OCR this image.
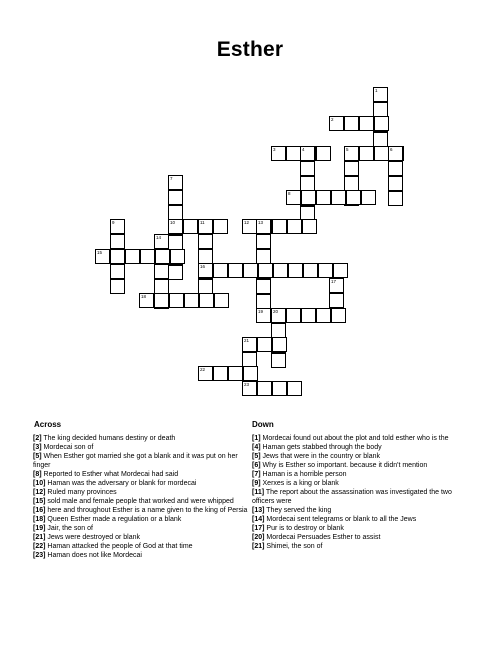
Esther
1
2
3	4	5	6
7
8
10	11	12
9	13
14
15
16
17
18
19 20
21
22
23
Across	Down
[2] The king decided humans destiny or death
[3] Mordecai son of
[5] When Esther got married she got a blank and it was put on her finger
[8] Reported to Esther what Mordecai had said
[10] Haman was the adversary or blank for mordecai
[12] Ruled many provinces
[15] sold male and female people that worked and were whipped
[16] here and throughout Esther is a name given to the king of Persia
[18] Queen Esther made a regulation or a blank
[19] Jair, the son of
[21] Jews were destroyed or blank
[22] Haman attacked the people of God at that time
[23] Haman does not like Mordecai
[1] Mordecai found out about the plot and told esther who is the
[4] Haman gets stabbed through the body
[5] Jews that were in the country or blank
[6] Why is Esther so important. because it didn't mention
[7] Haman is a horrible person
[9] Xerxes is a king or blank
[11] The report about the assassination was investigated the two officers were
[13] They served the king
[14] Mordecai sent telegrams or blank to all the Jews
[17] Pur is to destroy or blank
[20] Mordecai Persuades Esther to assist
[21] Shimei, the son of
